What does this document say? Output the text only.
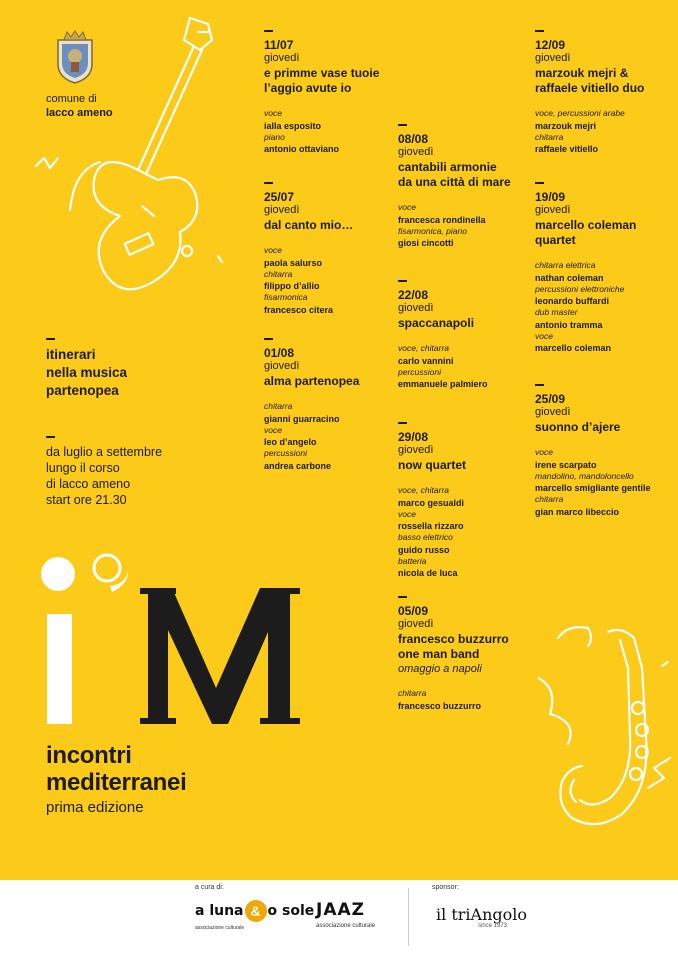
comune di
lacco ameno
itinerari
nella musica
partenopea
da luglio a settembre
lungo il corso
di lacco ameno
start ore 21.30
11/07
giovedì
e primme vase tuoie
l’aggio avute io
voce
ialla esposito
piano
antonio ottaviano
25/07
giovedì
dal canto mio…
voce
paola salurso
chitarra
filippo d’allio
fisarmonica
francesco citera
01/08
giovedì
alma partenopea
chitarra
gianni guarracino
voce
leo d’angelo
percussioni
andrea carbone
08/08
giovedì
cantabili armonie
da una città di mare
voce
francesca rondinella
fisarmonica, piano
giosi cincotti
22/08
giovedì
spaccanapoli
voce, chitarra
carlo vannini
percussioni
emmanuele palmiero
29/08
giovedì
now quartet
voce, chitarra
marco gesualdi
voce
rossella rizzaro
basso elettrico
guido russo
batteria
nicola de luca
05/09
giovedì
francesco buzzurro
one man band
omaggio a napoli
chitarra
francesco buzzurro
12/09
giovedì
marzouk mejri &
raffaele vitiello duo
voce, percussioni arabe
marzouk mejri
chitarra
raffaele vitiello
19/09
giovedì
marcello coleman
quartet
chitarra elettrica
nathan coleman
percussioni elettroniche
leonardo buffardi
dub master
antonio tramma
voce
marcello coleman
25/09
giovedì
suonno d’ajere
voce
irene scarpato
mandolino, mandoloncello
marcello smigliante gentile
chitarra
gian marco libeccio
incontri
mediterranei
prima edizione
a cura di:
a luna & o sole
associazione culturale
JAAZ
associazione culturale
sponsor:
il triAngolo
since 1973
